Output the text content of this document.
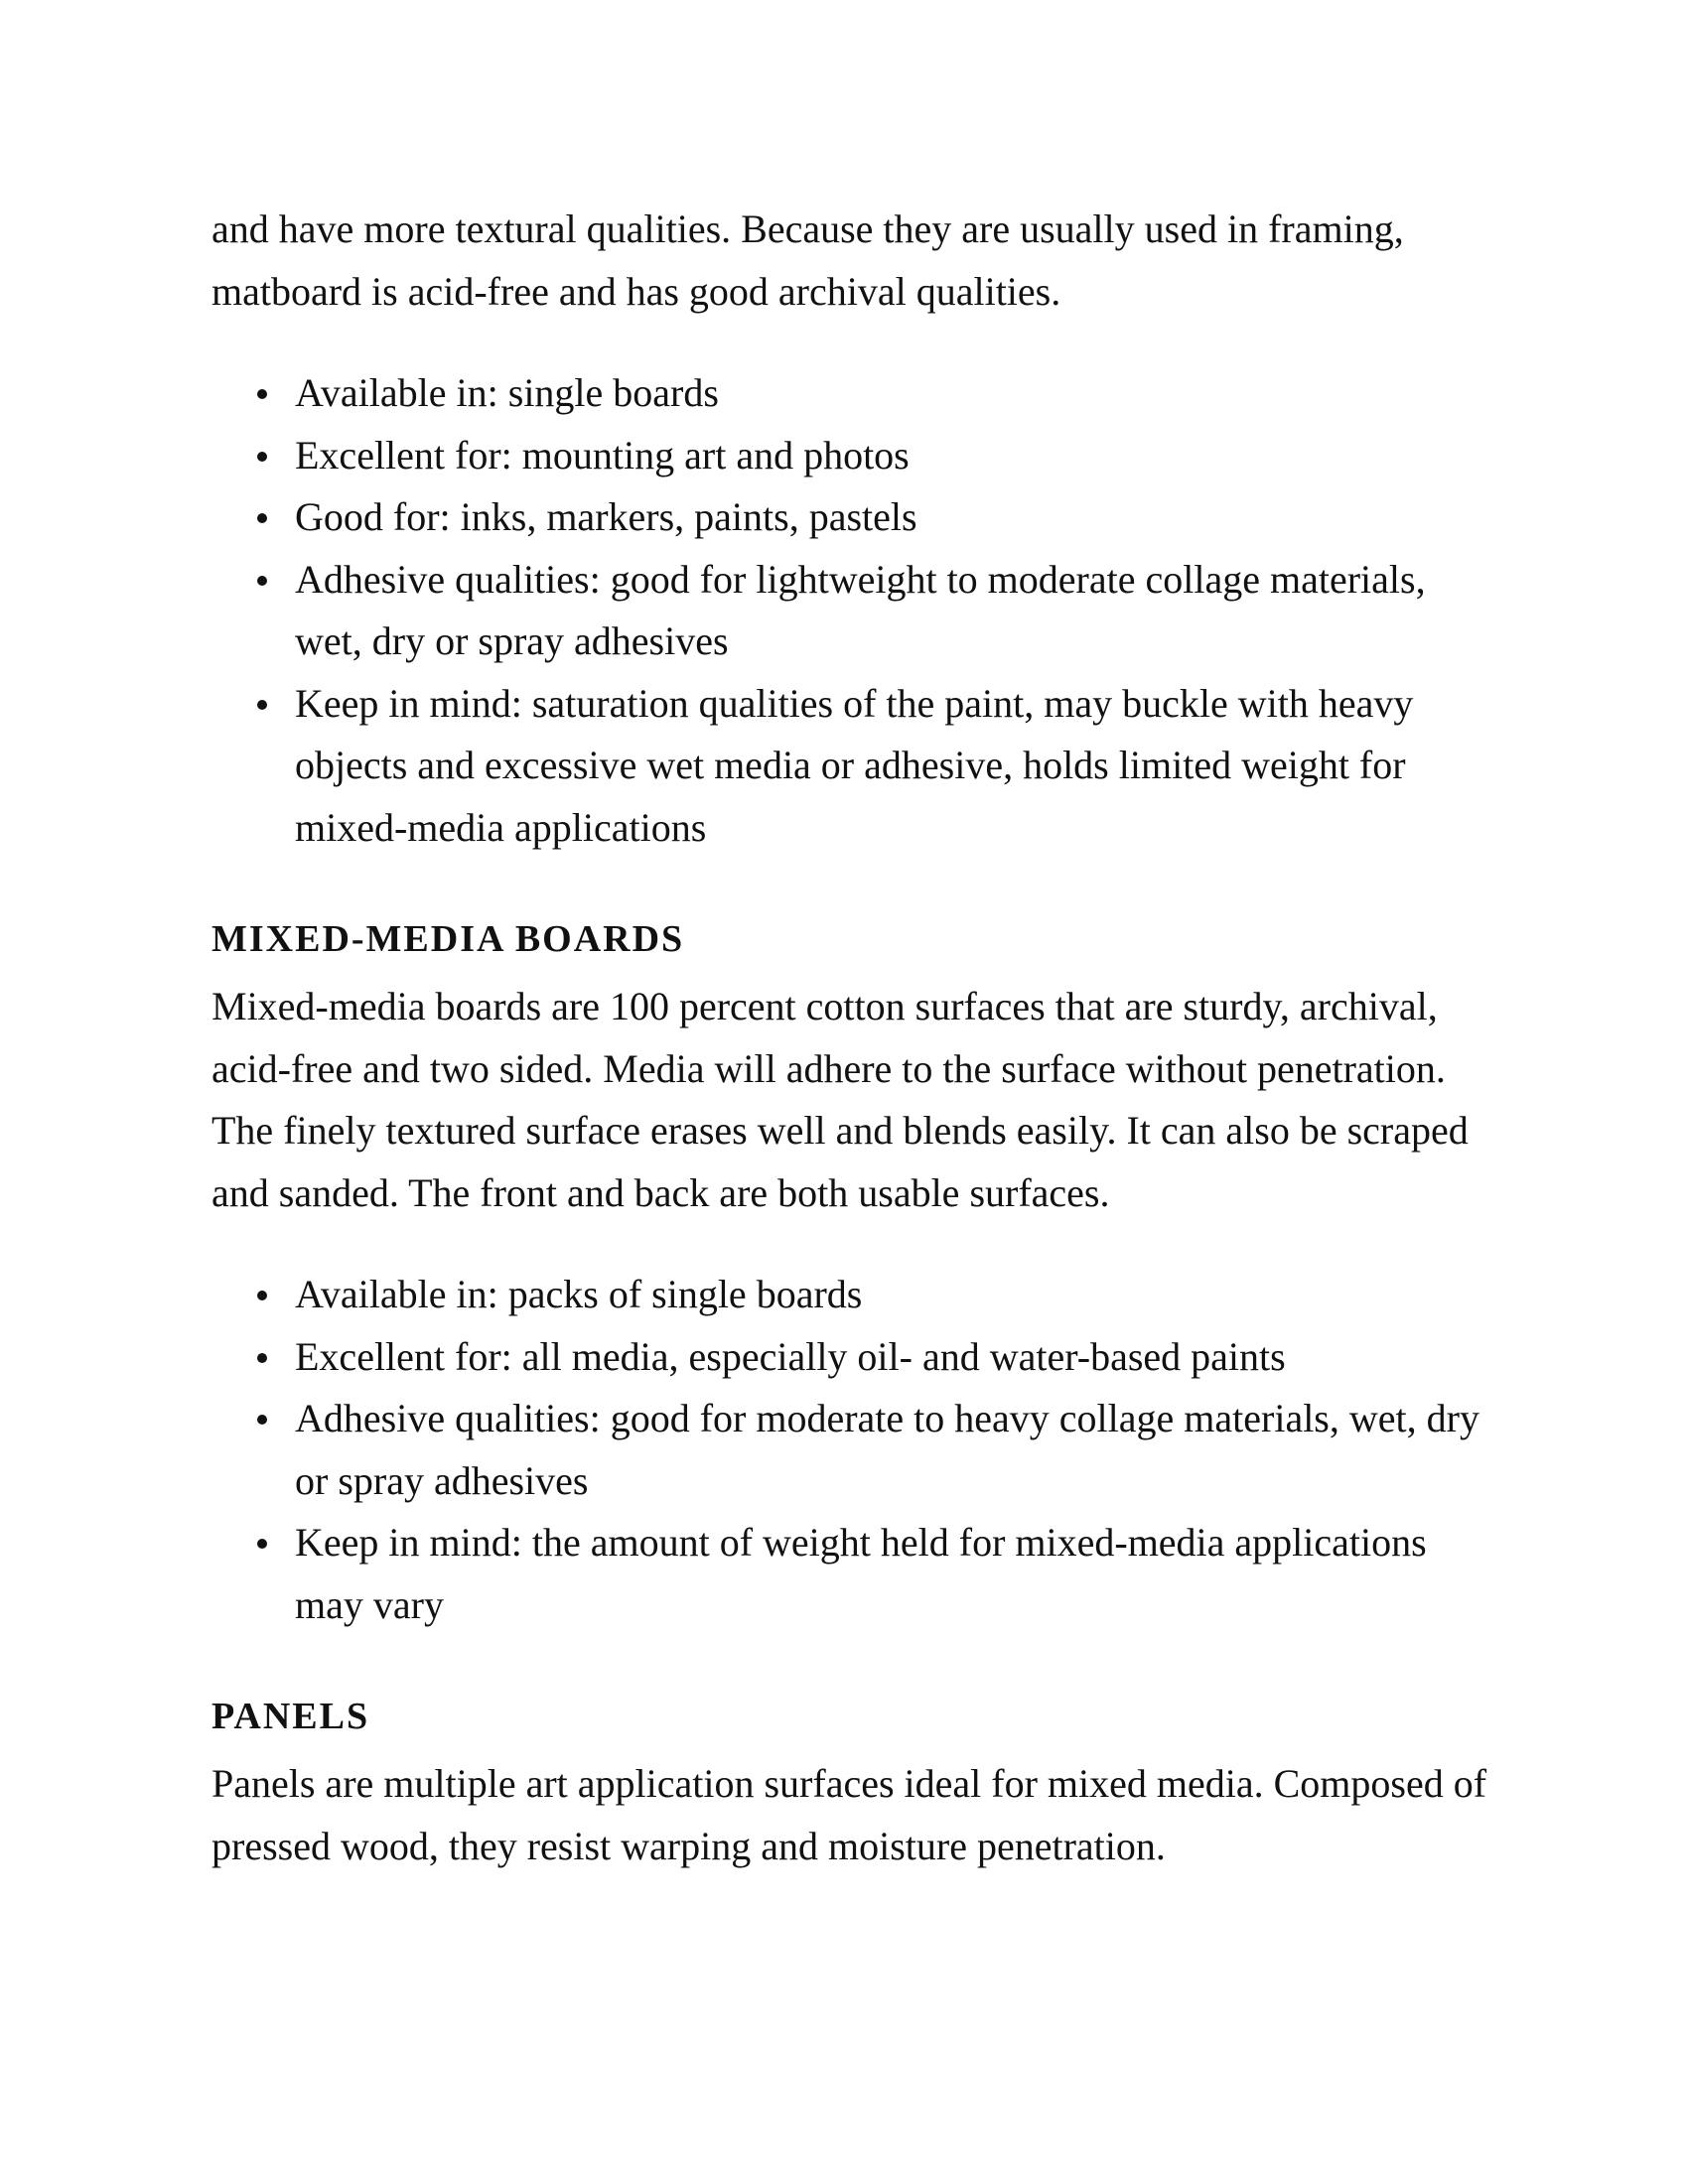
and have more textural qualities. Because they are usually used in framing, matboard is acid-free and has good archival qualities.

Available in: single boards
Excellent for: mounting art and photos
Good for: inks, markers, paints, pastels
Adhesive qualities: good for lightweight to moderate collage materials, wet, dry or spray adhesives
Keep in mind: saturation qualities of the paint, may buckle with heavy objects and excessive wet media or adhesive, holds limited weight for mixed-media applications
MIXED-MEDIA BOARDS

Mixed-media boards are 100 percent cotton surfaces that are sturdy, archival, acid-free and two sided. Media will adhere to the surface without penetration. The finely textured surface erases well and blends easily. It can also be scraped and sanded. The front and back are both usable surfaces.

Available in: packs of single boards
Excellent for: all media, especially oil- and water-based paints
Adhesive qualities: good for moderate to heavy collage materials, wet, dry or spray adhesives
Keep in mind: the amount of weight held for mixed-media applications may vary
PANELS

Panels are multiple art application surfaces ideal for mixed media. Composed of pressed wood, they resist warping and moisture penetration.
